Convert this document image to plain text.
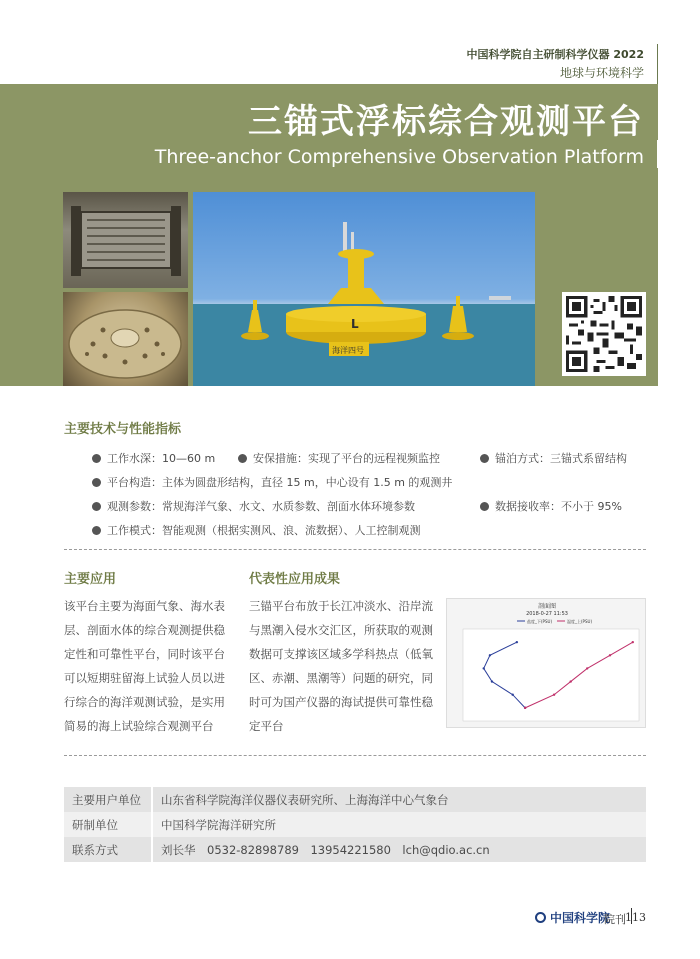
中国科学院自主研制科学仪器 2022
地球与环境科学
三锚式浮标综合观测平台
Three-anchor Comprehensive Observation Platform
L
海洋四号
主要技术与性能指标
工作水深：10—60 m	安保措施：实现了平台的远程视频监控	锚泊方式：三锚式系留结构
平台构造：主体为圆盘形结构，直径 15 m，中心设有 1.5 m 的观测井
观测参数：常规海洋气象、水文、水质参数、剖面水体环境参数	数据接收率：不小于 95%
工作模式：智能观测（根据实测风、浪、流数据）、人工控制观测
主要应用
该平台主要为海面气象、海水表
层、剖面水体的综合观测提供稳
定性和可靠性平台，同时该平台
可以短期驻留海上试验人员以进
行综合的海洋观测试验，是实用
简易的海上试验综合观测平台
代表性应用成果
三锚平台布放于长江冲淡水、沿岸流
与黑潮入侵水交汇区，所获取的观测
数据可支撑该区域多学科热点（低氧
区、赤潮、黑潮等）问题的研究，同
时可为国产仪器的海试提供可靠性稳
定平台
剖面图
2018-0-27 11:53
盐度_下(PSU)	温度_上(PSU)
主要用户单位	山东省科学院海洋仪器仪表研究所、上海海洋中心气象台
研制单位	中国科学院海洋研究所
联系方式	刘长华　0532-82898789　13954221580　lch@qdio.ac.cn
中国科学院
院刊 113
